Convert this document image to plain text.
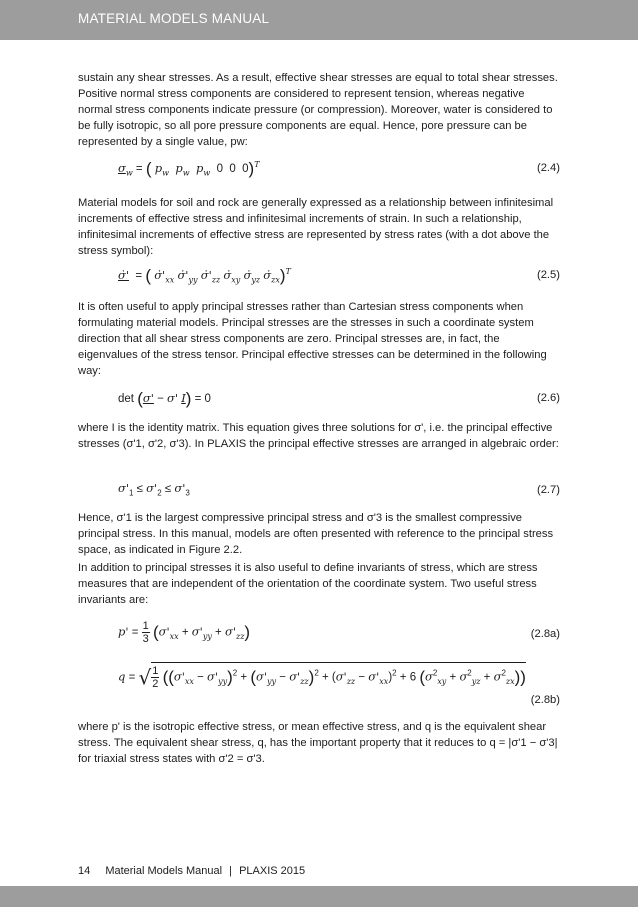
MATERIAL MODELS MANUAL

sustain any shear stresses. As a result, effective shear stresses are equal to total shear stresses. Positive normal stress components are considered to represent tension, whereas negative normal stress components indicate pressure (or compression). Moreover, water is considered to be fully isotropic, so all pore pressure components are equal. Hence, pore pressure can be represented by a single value, pw:

$\sigma_w$ = ( $p_w$ $p_w$ $p_w$  0  0  0)$^T$	(2.4)

Material models for soil and rock are generally expressed as a relationship between infinitesimal increments of effective stress and infinitesimal increments of strain. In such a relationship, infinitesimal increments of effective stress are represented by stress rates (with a dot above the stress symbol):

σ̇'  = ( $\sigmȧ'_{xx}$ $\sigmȧ'_{yy}$ $\sigmȧ'_{zz}$ $\sigmȧ_{xy}$ $\sigmȧ_{yz}$ $\sigmȧ_{zx})^T$	(2.5)

It is often useful to apply principal stresses rather than Cartesian stress components when formulating material models. Principal stresses are the stresses in such a coordinate system direction that all shear stress components are zero. Principal stresses are, in fact, the eigenvalues of the stress tensor. Principal effective stresses can be determined in the following way:

det (σ' − σ' I) = 0	(2.6)

where I is the identity matrix. This equation gives three solutions for σ', i.e. the principal effective stresses (σ'1, σ'2, σ'3). In PLAXIS the principal effective stresses are arranged in algebraic order:

$\sigma'_1 \le \sigma'_2 \le \sigma'_3$	(2.7)

Hence, σ'1 is the largest compressive principal stress and σ'3 is the smallest compressive principal stress. In this manual, models are often presented with reference to the principal stress space, as indicated in Figure 2.2.

In addition to principal stresses it is also useful to define invariants of stress, which are stress measures that are independent of the orientation of the coordinate system. Two useful stress invariants are:

$p' = \frac{1}{3} (\sigma'_{xx} + \sigma'_{yy} + \sigma'_{zz})$	(2.8a)
q = √ $\frac{1}{2} ((\sigma'_{xx} - \sigma'_{yy})^2 + (\sigma'_{yy} - \sigma'_{zz})^2 + (\sigma'_{zz} - \sigma'_{xx})^2 + 6$ $(\sigma^2_{xy} + \sigma^2_{yz} + \sigma^2_{zx})$)
(2.8b)

where p' is the isotropic effective stress, or mean effective stress, and q is the equivalent shear stress. The equivalent shear stress, q, has the important property that it reduces to q = |σ'1 − σ'3| for triaxial stress states with σ'2 = σ'3.

14 Material Models Manual | PLAXIS 2015
